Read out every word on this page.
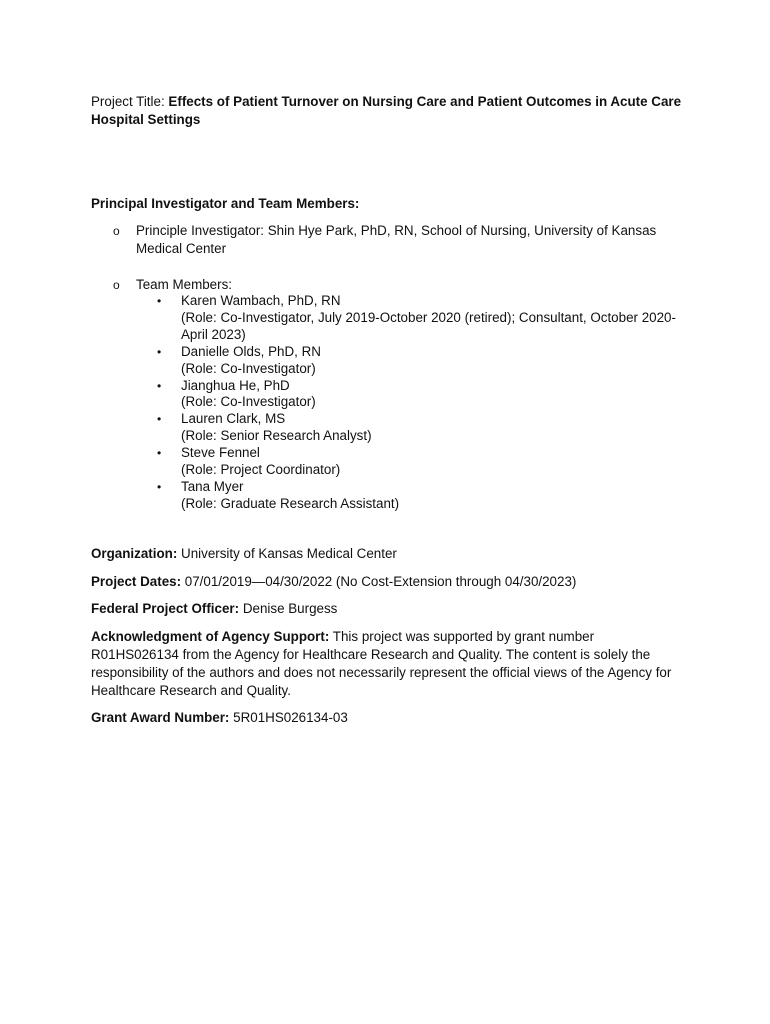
Project Title: Effects of Patient Turnover on Nursing Care and Patient Outcomes in Acute Care Hospital Settings
Principal Investigator and Team Members:
o Principle Investigator: Shin Hye Park, PhD, RN, School of Nursing, University of Kansas Medical Center
o Team Members:
• Karen Wambach, PhD, RN
(Role: Co-Investigator, July 2019-October 2020 (retired); Consultant, October 2020-April 2023)
• Danielle Olds, PhD, RN
(Role: Co-Investigator)
• Jianghua He, PhD
(Role: Co-Investigator)
• Lauren Clark, MS
(Role: Senior Research Analyst)
• Steve Fennel
(Role: Project Coordinator)
• Tana Myer
(Role: Graduate Research Assistant)
Organization: University of Kansas Medical Center
Project Dates: 07/01/2019—04/30/2022 (No Cost-Extension through 04/30/2023)
Federal Project Officer: Denise Burgess
Acknowledgment of Agency Support: This project was supported by grant number R01HS026134 from the Agency for Healthcare Research and Quality. The content is solely the responsibility of the authors and does not necessarily represent the official views of the Agency for Healthcare Research and Quality.
Grant Award Number: 5R01HS026134-03
